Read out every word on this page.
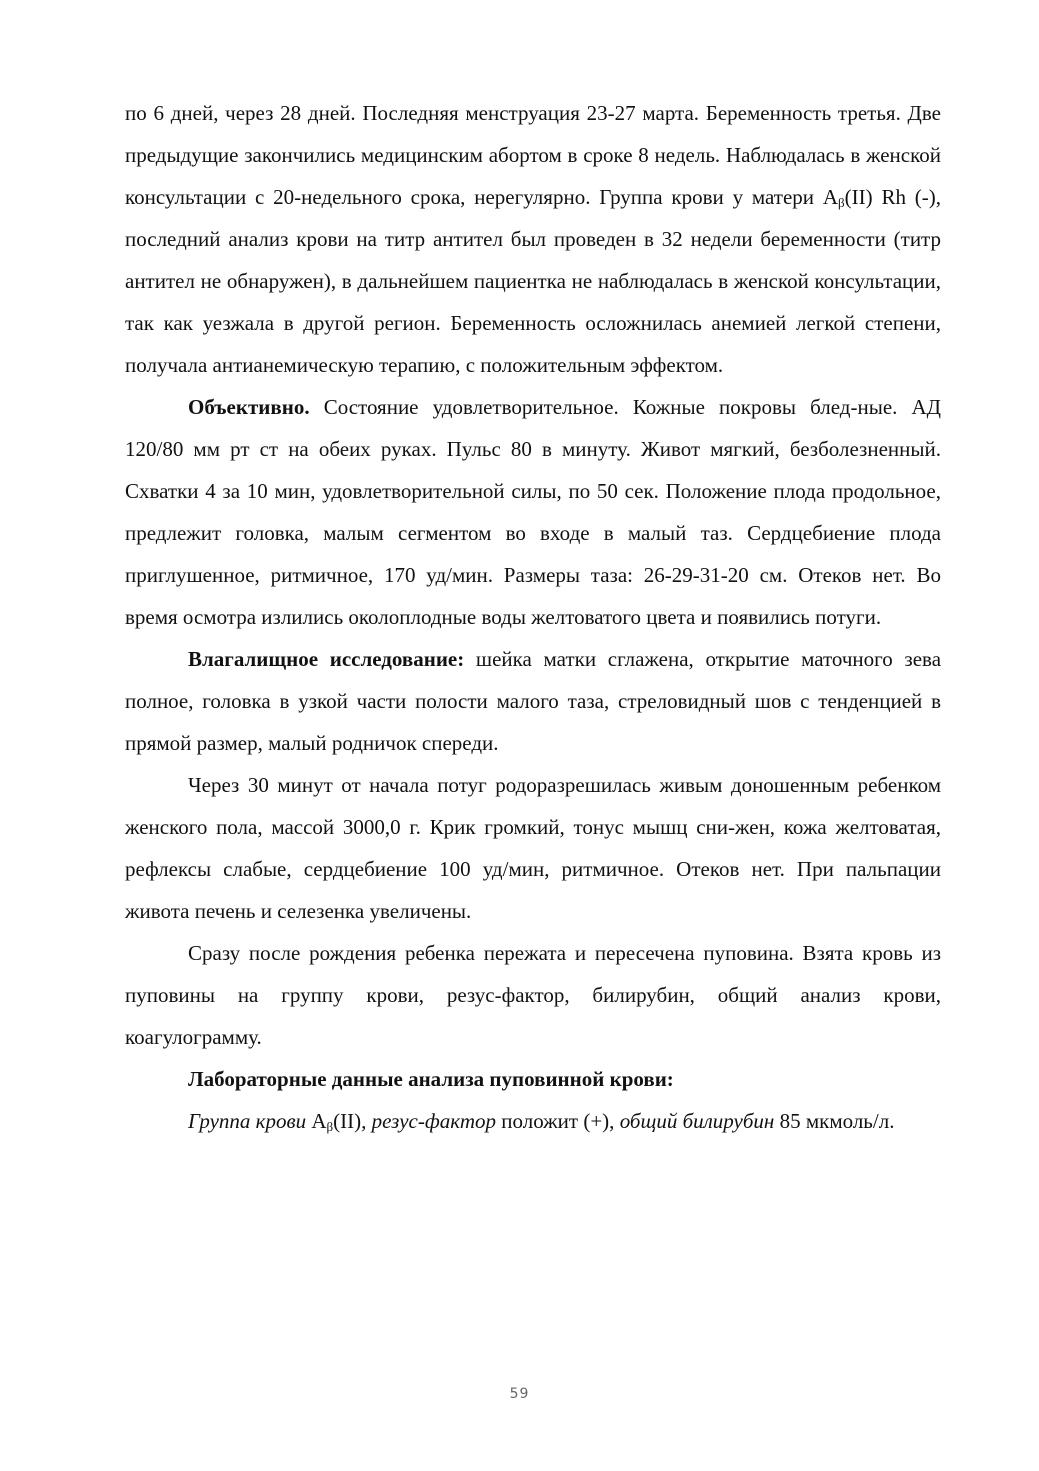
по 6 дней, через 28 дней. Последняя менструация 23-27 марта. Беременность третья. Две предыдущие закончились медицинским абортом в сроке 8 недель. Наблюдалась в женской консультации с 20-недельного срока, нерегулярно. Группа крови у матери $А_\beta(II)$ Rh (-), последний анализ крови на титр антител был проведен в 32 недели беременности (титр антител не обнаружен), в дальнейшем пациентка не наблюдалась в женской консультации, так как уезжала в другой регион. Беременность осложнилась анемией легкой степени, получала антианемическую терапию, с положительным эффектом.

Объективно. Состояние удовлетворительное. Кожные покровы блед-ные. АД 120/80 мм рт ст на обеих руках. Пульс 80 в минуту. Живот мягкий, безболезненный. Схватки 4 за 10 мин, удовлетворительной силы, по 50 сек. Положение плода продольное, предлежит головка, малым сегментом во входе в малый таз. Сердцебиение плода приглушенное, ритмичное, 170 уд/мин. Размеры таза: 26-29-31-20 см. Отеков нет. Во время осмотра излились околоплодные воды желтоватого цвета и появились потуги.

Влагалищное исследование: шейка матки сглажена, открытие маточного зева полное, головка в узкой части полости малого таза, стреловидный шов с тенденцией в прямой размер, малый родничок спереди.

Через 30 минут от начала потуг родоразрешилась живым доношенным ребенком женского пола, массой 3000,0 г. Крик громкий, тонус мышц сни-жен, кожа желтоватая, рефлексы слабые, сердцебиение 100 уд/мин, ритмичное. Отеков нет. При пальпации живота печень и селезенка увеличены.

Сразу после рождения ребенка пережата и пересечена пуповина. Взята кровь из пуповины на группу крови, резус-фактор, билирубин, общий анализ крови, коагулограмму.

Лабораторные данные анализа пуповинной крови:

Группа крови $А_\beta(II)$, резус-фактор положит (+), общий билирубин 85 мкмоль/л.

59
